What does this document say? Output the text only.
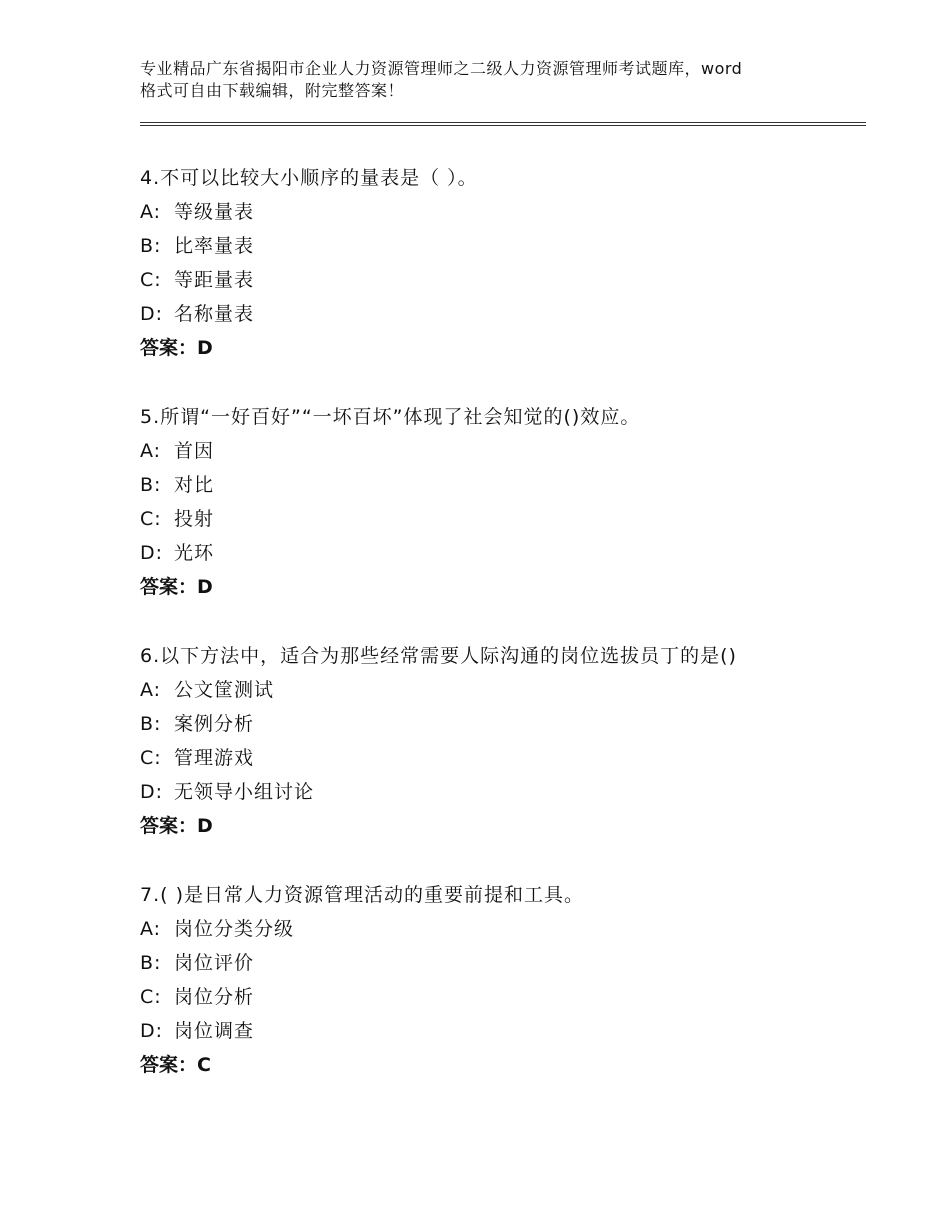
专业精品广东省揭阳市企业人力资源管理师之二级人力资源管理师考试题库，word
格式可自由下载编辑，附完整答案！
4.不可以比较大小顺序的量表是（ ）。
A: 等级量表
B: 比率量表
C: 等距量表
D: 名称量表
答案：D
5.所谓“一好百好”“一坏百坏”体现了社会知觉的()效应。
A: 首因
B: 对比
C: 投射
D: 光环
答案：D
6.以下方法中，适合为那些经常需要人际沟通的岗位选拔员丁的是()
A: 公文筐测试
B: 案例分析
C: 管理游戏
D: 无领导小组讨论
答案：D
7.( )是日常人力资源管理活动的重要前提和工具。
A: 岗位分类分级
B: 岗位评价
C: 岗位分析
D: 岗位调查
答案：C
